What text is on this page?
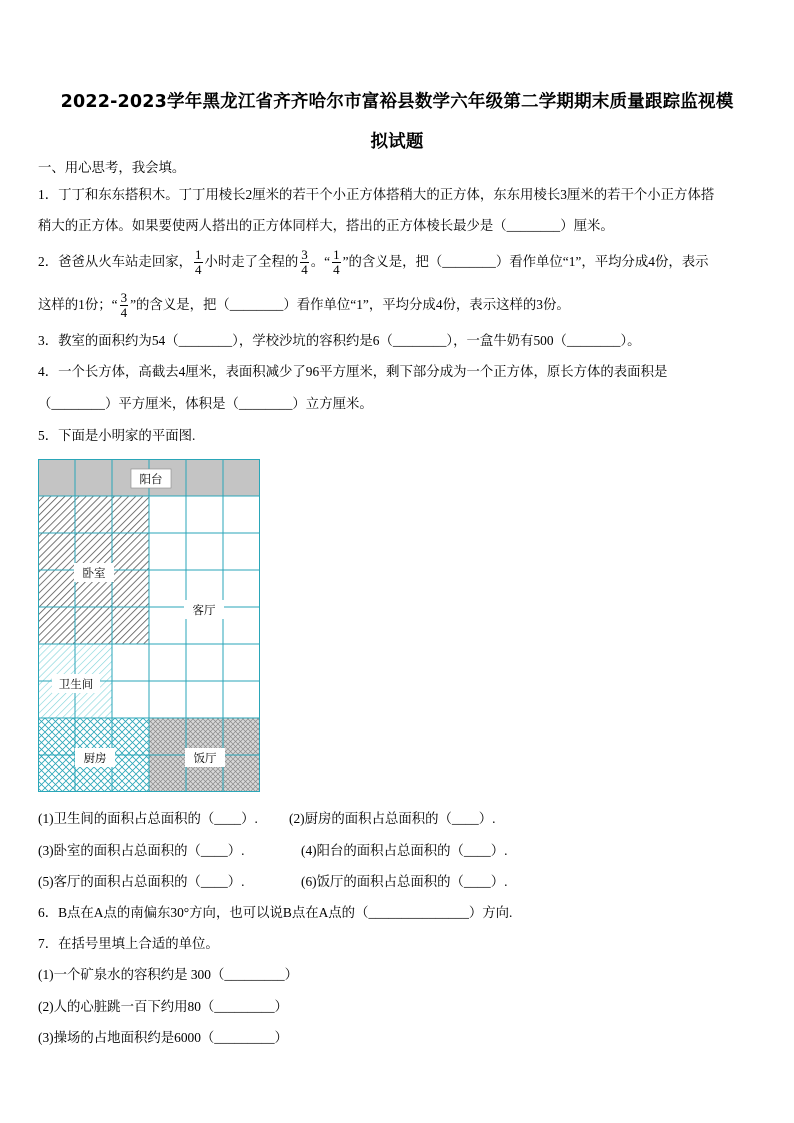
2022-2023学年黑龙江省齐齐哈尔市富裕县数学六年级第二学期期末质量跟踪监视模
拟试题
一、用心思考，我会填。
1．丁丁和东东搭积木。丁丁用棱长2厘米的若干个小正方体搭稍大的正方体，东东用棱长3厘米的若干个小正方体搭
稍大的正方体。如果要使两人搭出的正方体同样大，搭出的正方体棱长最少是（________）厘米。
2．爸爸从火车站走回家， $\frac{1}{4}$ 小时走了全程的 $\frac{3}{4}$ 。“ $\frac{1}{4}$ ”的含义是，把（________）看作单位“1”，平均分成4份，表示
这样的1份；“ $\frac{3}{4}$ ”的含义是，把（________）看作单位“1”，平均分成4份，表示这样的3份。
3．教室的面积约为54（________），学校沙坑的容积约是6（________），一盒牛奶有500（________）。
4．一个长方体，高截去4厘米，表面积减少了96平方厘米，剩下部分成为一个正方体，原长方体的表面积是
（________）平方厘米，体积是（________）立方厘米。
5．下面是小明家的平面图.
阳台
卧室
客厅
卫生间
厨房	饭厅
(1)卫生间的面积占总面积的（____）. (2)厨房的面积占总面积的（____）.
(3)卧室的面积占总面积的（____）.	(4)阳台的面积占总面积的（____）.
(5)客厅的面积占总面积的（____）.	(6)饭厅的面积占总面积的（____）.
6．B点在A点的南偏东30°方向，也可以说B点在A点的（_______________）方向.
7．在括号里填上合适的单位。
(1)一个矿泉水的容积约是 300（_________）
(2)人的心脏跳一百下约用80（_________）
(3)操场的占地面积约是6000（_________）
